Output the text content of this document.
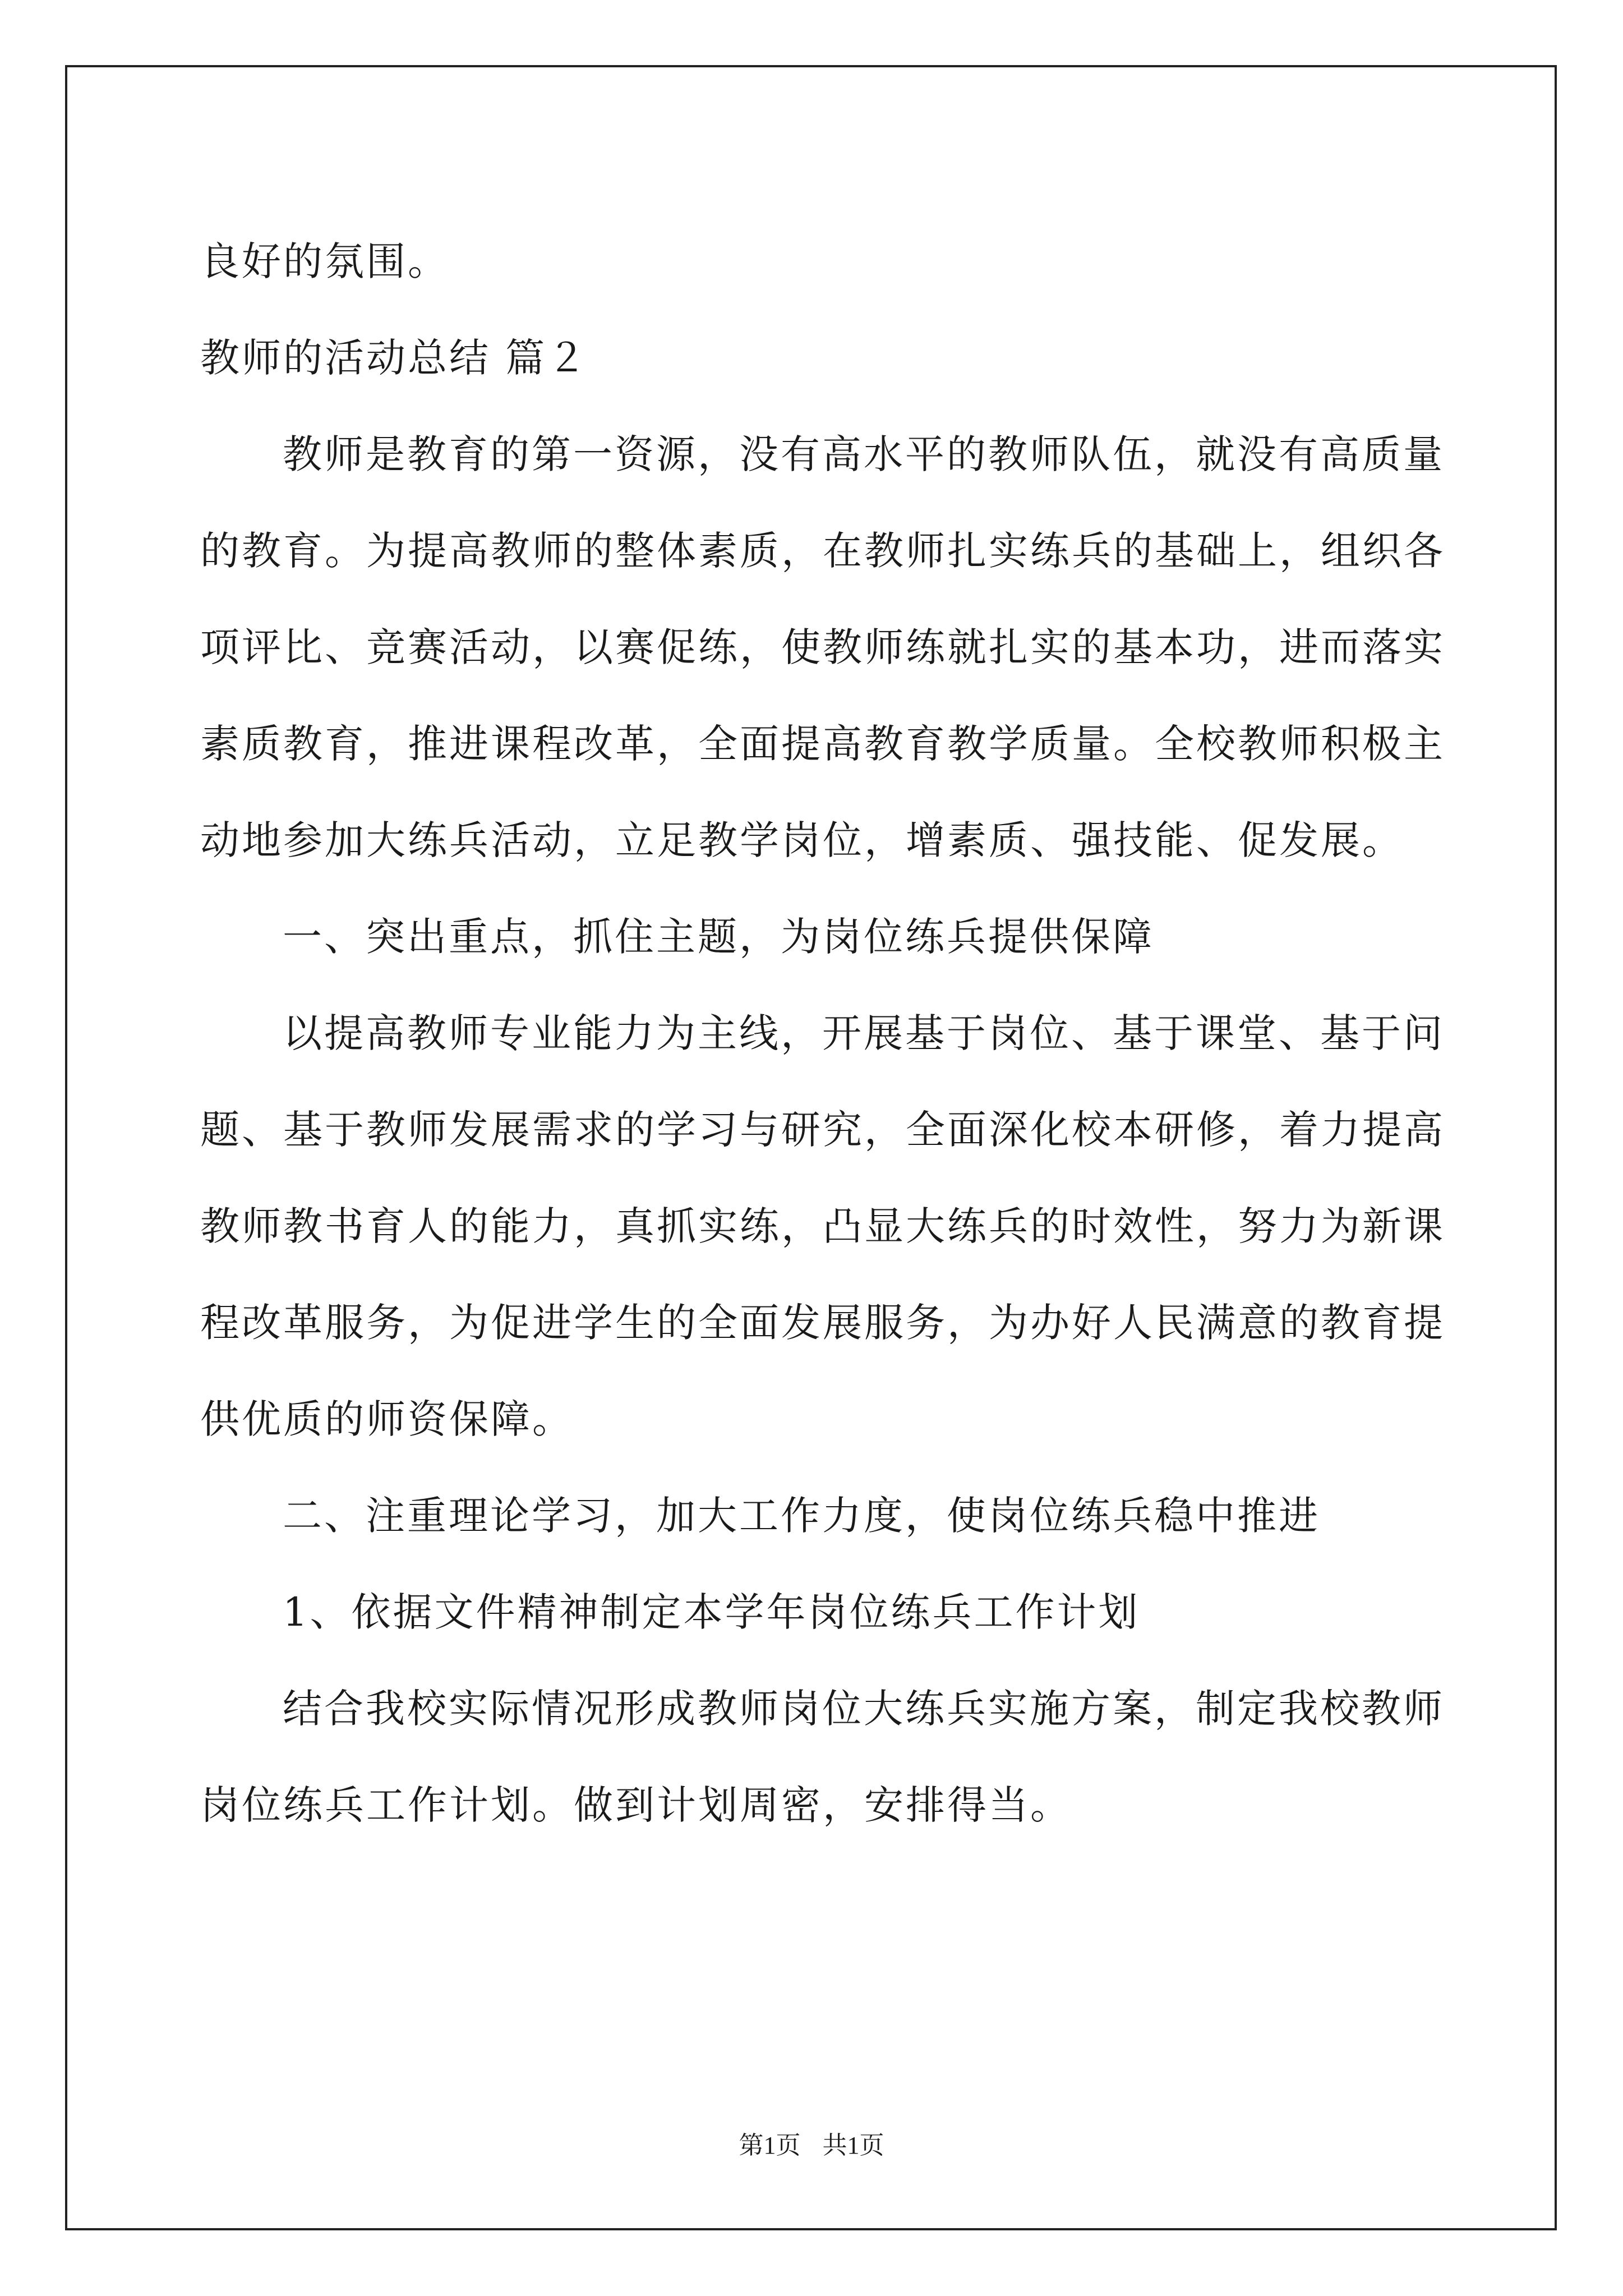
良好的氛围。
教师的活动总结 篇２
教师是教育的第一资源，没有高水平的教师队伍，就没有高质量
的教育。为提高教师的整体素质，在教师扎实练兵的基础上，组织各
项评比、竞赛活动，以赛促练，使教师练就扎实的基本功，进而落实
素质教育，推进课程改革，全面提高教育教学质量。全校教师积极主
动地参加大练兵活动，立足教学岗位，增素质、强技能、促发展。
一、突出重点，抓住主题，为岗位练兵提供保障
以提高教师专业能力为主线，开展基于岗位、基于课堂、基于问
题、基于教师发展需求的学习与研究，全面深化校本研修，着力提高
教师教书育人的能力，真抓实练，凸显大练兵的时效性，努力为新课
程改革服务，为促进学生的全面发展服务，为办好人民满意的教育提
供优质的师资保障。
二、注重理论学习，加大工作力度，使岗位练兵稳中推进
1、依据文件精神制定本学年岗位练兵工作计划
结合我校实际情况形成教师岗位大练兵实施方案，制定我校教师
岗位练兵工作计划。做到计划周密，安排得当。
第1页 共1页
